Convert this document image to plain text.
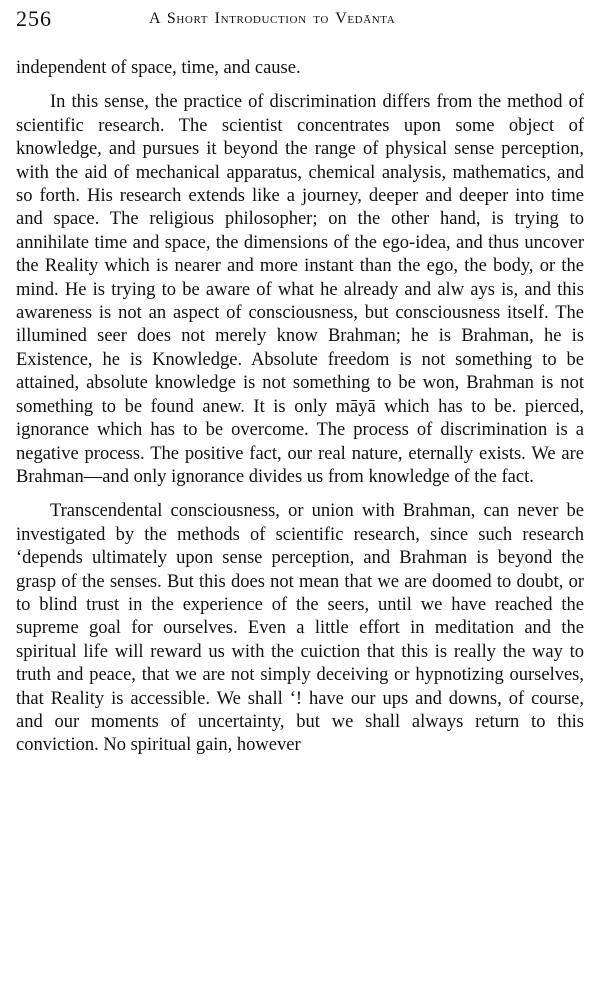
256	A Short Introduction to Vedānta

independent of space, time, and cause.

In this sense, the practice of discrimination differs from the method of scientific research. The scientist concentrates upon some object of knowledge, and pursues it beyond the range of physical sense perception, with the aid of mechanical apparatus, chemical analysis, mathematics, and so forth. His research extends like a journey, deeper and deeper into time and space. The religious philosopher; on the other hand, is trying to annihilate time and space, the dimensions of the ego-idea, and thus uncover the Reality which is nearer and more instant than the ego, the body, or the mind. He is trying to be aware of what he already and alw ays is, and this awareness is not an aspect of consciousness, but consciousness itself. The illumined seer does not merely know Brahman; he is Brahman, he is Existence, he is Knowledge. Absolute freedom is not something to be attained, absolute knowledge is not something to be won, Brahman is not something to be found anew. It is only māyā which has to be. pierced, ignorance which has to be overcome. The process of discrimination is a negative process. The positive fact, our real nature, eternally exists. We are Brahman—and only ignorance divides us from knowledge of the fact.

Transcendental consciousness, or union with Brahman, can never be investigated by the methods of scientific research, since such research ‘depends ultimately upon sense perception, and Brahman is beyond the grasp of the senses. But this does not mean that we are doomed to doubt, or to blind trust in the experience of the seers, until we have reached the supreme goal for ourselves. Even a little effort in meditation and the spiritual life will reward us with the cuiction that this is really the way to truth and peace, that we are not simply deceiving or hypnotizing ourselves, that Reality is accessible. We shall ‘! have our ups and downs, of course, and our moments of uncertainty, but we shall always return to this conviction. No spiritual gain, however
